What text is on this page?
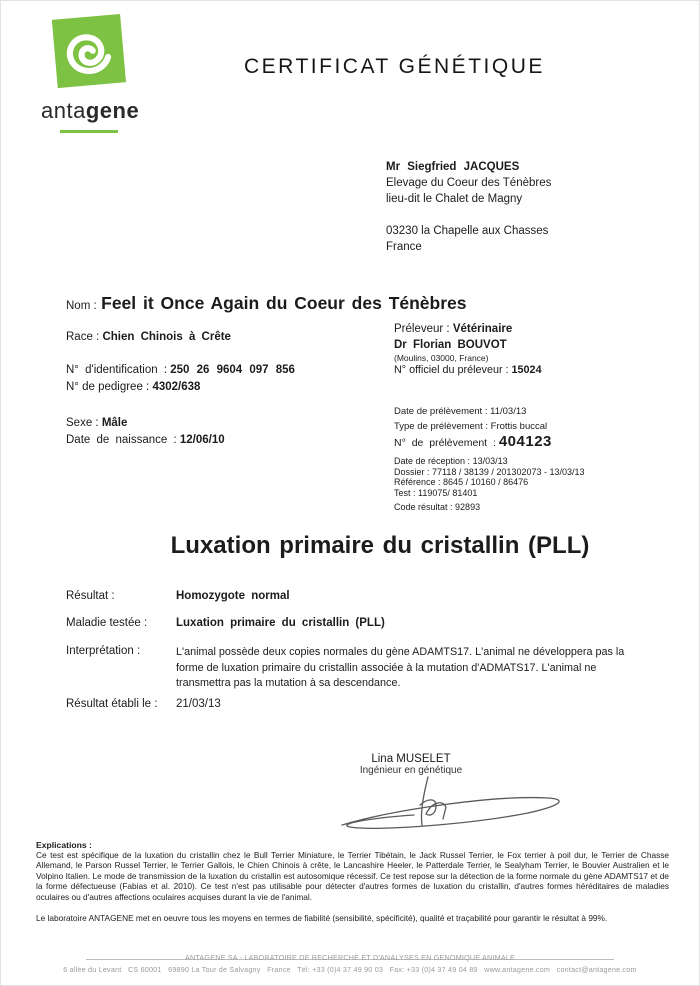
antagene
CERTIFICAT GÉNÉTIQUE
Mr Siegfried JACQUES
Elevage du Coeur des Ténèbres
lieu-dit le Chalet de Magny
03230 la Chapelle aux Chasses
France
Nom : Feel it Once Again du Coeur des Ténèbres
Race : Chien Chinois à Crête
N° d'identification : 250 26 9604 097 856
N° de pedigree : 4302/638
Sexe : Mâle
Date de naissance : 12/06/10
Préleveur : Vétérinaire
Dr Florian BOUVOT
(Moulins, 03000, France)
N° officiel du préleveur : 15024
Date de prélèvement : 11/03/13
Type de prélèvement : Frottis buccal
N° de prélèvement : 404123
Date de réception : 13/03/13
Dossier : 77118 / 38139 / 201302073 - 13/03/13
Référence : 8645 / 10160 / 86476
Test : 119075/ 81401
Code résultat : 92893
Luxation primaire du cristallin (PLL)
Résultat :	Homozygote normal
Maladie testée :	Luxation primaire du cristallin (PLL)
Interprétation :	L'animal possède deux copies normales du gène ADAMTS17. L'animal ne développera pas la forme de luxation primaire du cristallin associée à la mutation d'ADMATS17. L'animal ne transmettra pas la mutation à sa descendance.
Résultat établi le :	21/03/13
Lina MUSELET
Ingénieur en génétique
Explications :
Ce test est spécifique de la luxation du cristallin chez le Bull Terrier Miniature, le Terrier Tibétain, le Jack Russel Terrier, le Fox terrier à poil dur, le Terrier de Chasse Allemand, le Parson Russel Terrier, le Terrier Gallois, le Chien Chinois à crête, le Lancashire Heeler, le Patterdale Terrier, le Sealyham Terrier, le Bouvier Australien et le Volpino Italien. Le mode de transmission de la luxation du cristallin est autosomique récessif. Ce test repose sur la détection de la forme normale du gène ADAMTS17 et de la forme défectueuse (Fabias et al. 2010). Ce test n'est pas utilisable pour détecter d'autres formes de luxation du cristallin, d'autres formes héréditaires de maladies oculaires ou d'autres affections oculaires acquises durant la vie de l'animal.
Le laboratoire ANTAGENE met en oeuvre tous les moyens en termes de fiabilité (sensibilité, spécificité), qualité et traçabilité pour garantir le résultat à 99%.
ANTAGENE SA - LABORATOIRE DE RECHERCHE ET D'ANALYSES EN GENOMIQUE ANIMALE
6 allée du Levant   CS 60001   69890 La Tour de Salvagny   France   Tél: +33 (0)4 37 49 90 03   Fax: +33 (0)4 37 49 04 89   www.antagene.com   contact@antagene.com
